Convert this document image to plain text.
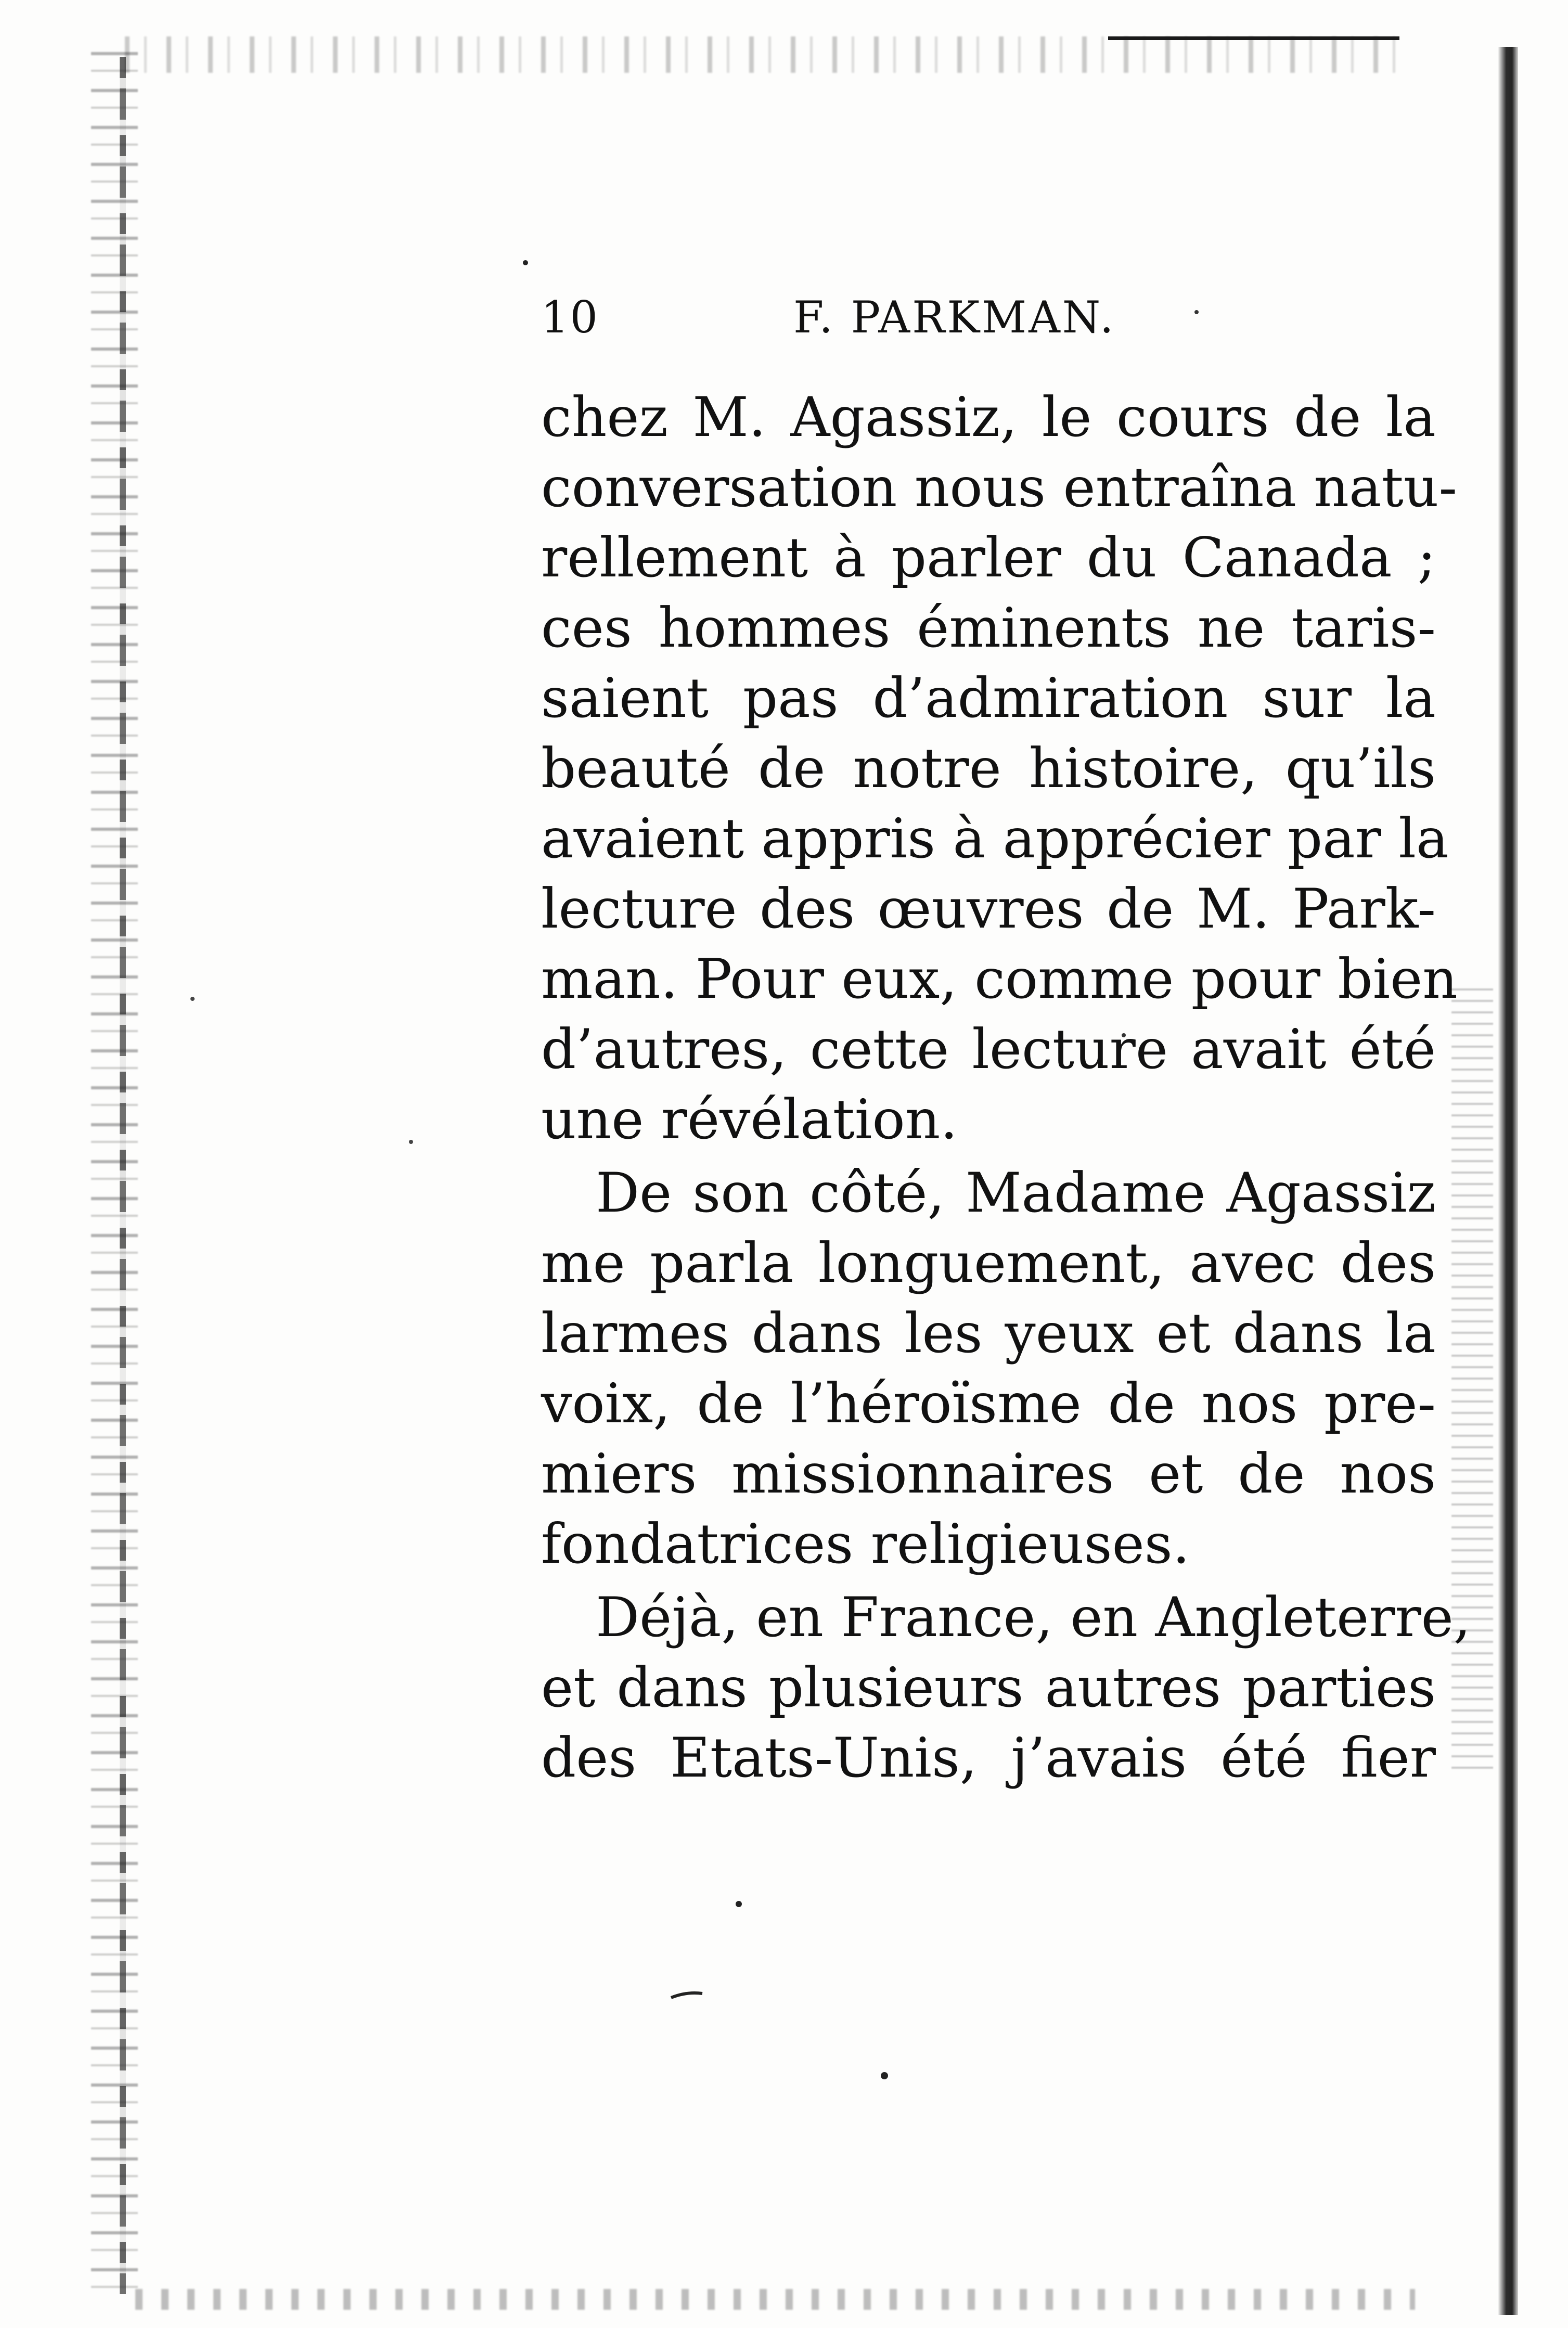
10	F. PARKMAN.
chez M. Agassiz, le cours de la
conversation nous entraîna natu-
rellement à parler du Canada ;
ces hommes éminents ne taris-
saient pas d’admiration sur la
beauté de notre histoire, qu’ils
avaient appris à apprécier par la
lecture des œuvres de M. Park-
man. Pour eux, comme pour bien
d’autres, cette lecture avait été
une révélation.
De son côté, Madame Agassiz
me parla longuement, avec des
larmes dans les yeux et dans la
voix, de l’héroïsme de nos pre-
miers missionnaires et de nos
fondatrices religieuses.
Déjà, en France, en Angleterre,
et dans plusieurs autres parties
des Etats-Unis, j’avais été fier
